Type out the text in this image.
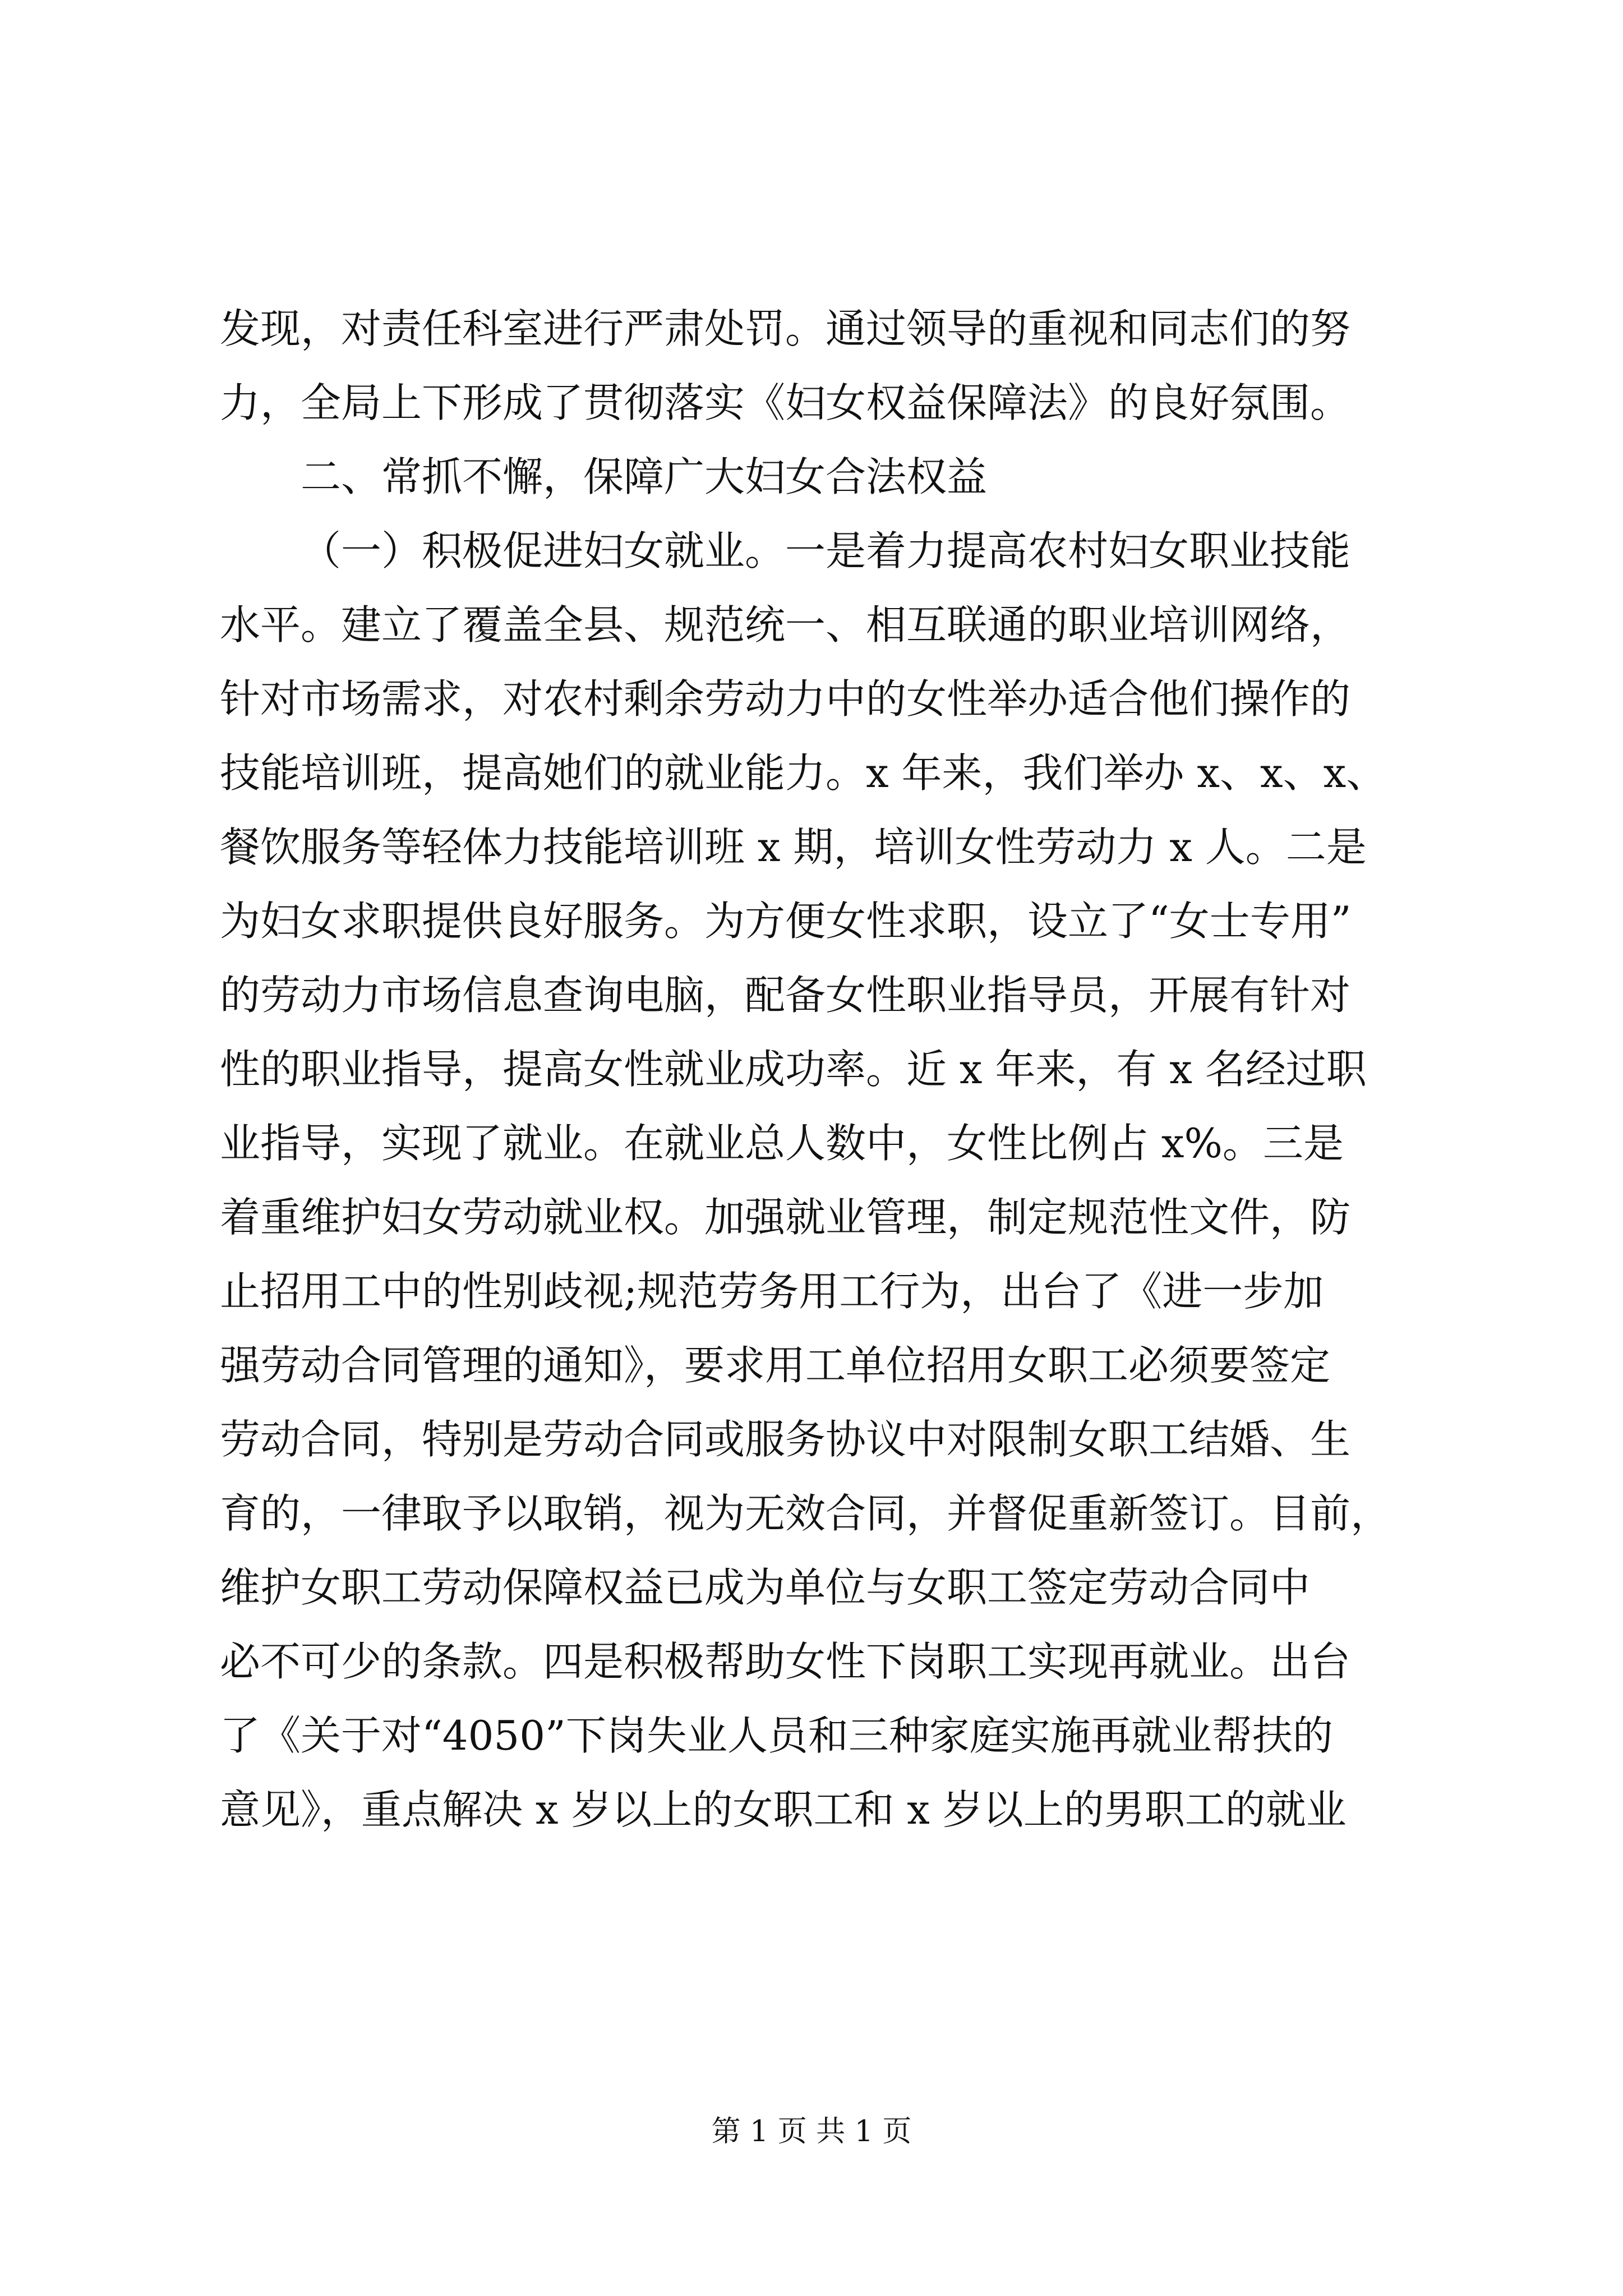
发现，对责任科室进行严肃处罚。通过领导的重视和同志们的努
力，全局上下形成了贯彻落实《妇女权益保障法》的良好氛围。
二、常抓不懈，保障广大妇女合法权益
（一）积极促进妇女就业。一是着力提高农村妇女职业技能
水平。建立了覆盖全县、规范统一、相互联通的职业培训网络，
针对市场需求，对农村剩余劳动力中的女性举办适合他们操作的
技能培训班，提高她们的就业能力。x 年来，我们举办 x、x、x、
餐饮服务等轻体力技能培训班 x 期，培训女性劳动力 x 人。二是
为妇女求职提供良好服务。为方便女性求职，设立了“女士专用”
的劳动力市场信息查询电脑，配备女性职业指导员，开展有针对
性的职业指导，提高女性就业成功率。近 x 年来，有 x 名经过职
业指导，实现了就业。在就业总人数中，女性比例占 x%。三是
着重维护妇女劳动就业权。加强就业管理，制定规范性文件，防
止招用工中的性别歧视;规范劳务用工行为，出台了《进一步加
强劳动合同管理的通知》，要求用工单位招用女职工必须要签定
劳动合同，特别是劳动合同或服务协议中对限制女职工结婚、生
育的，一律取予以取销，视为无效合同，并督促重新签订。目前，
维护女职工劳动保障权益已成为单位与女职工签定劳动合同中
必不可少的条款。四是积极帮助女性下岗职工实现再就业。出台
了《关于对“4050”下岗失业人员和三种家庭实施再就业帮扶的
意见》，重点解决 x 岁以上的女职工和 x 岁以上的男职工的就业
第 1 页 共 1 页
